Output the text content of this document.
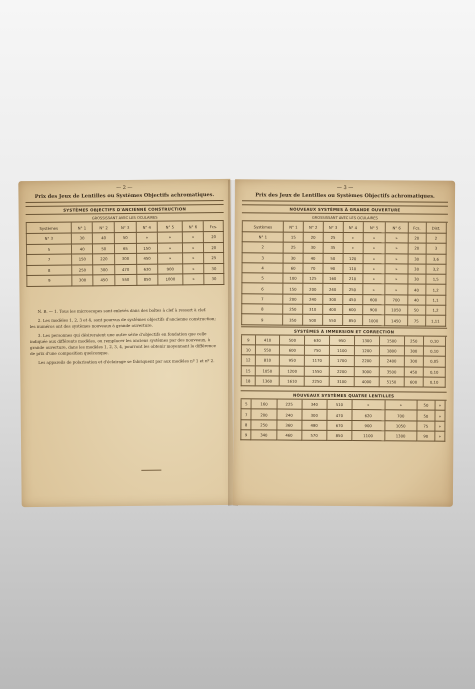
— 2 —
Prix des Jeux de Lentilles ou Systèmes Objectifs achromatiques.
SYSTÈMES OBJECTIFS D'ANCIENNE CONSTRUCTION
GROSSISSANT AVEC LES OCULAIRES
Systèmes	N° 1	N° 2	N° 3	N° 4	N° 5	N° 6	Fcs.
N° 3	30	40	50	»	»	»	20
5	40	50	65	150	»	»	20
7	150	220	300	450	»	»	25
8	250	300	470	630	900	»	30
9	300	450	550	850	1000	»	30
N. B. — 1. Tous les microscopes sont enlevés dans des boîtes à clef à ressort à clef.
2. Les modèles 1, 2, 3 et 4, sont pourvus de systèmes objectifs d'ancienne construction; les numéros ont des systèmes nouveaux à grande ouverture.
3. Les personnes qui désireraient une autre série d'objectifs en fondation que celle indiquée aux différents modèles, ou remplacer les anciens systèmes par des nouveaux, à grande ouverture, dans les modèles 1, 2, 3, 4, pourront les obtenir moyennant la différence de prix d'une composition quelconque.
Les appareils de polarisation et d'éclairage se fabriquent par aux modèles nº 1 et nº 2.
— 3 —
Prix des Jeux de Lentilles ou Systèmes Objectifs achromatiques.
NOUVEAUX SYSTÈMES À GRANDE OUVERTURE
GROSSISSANT AVEC LES OCULAIRES
Systèmes	N° 1	N° 2	N° 3	N° 4	N° 5	N° 6	Fcs.	Dist.
N° 1	15	20	25	»	»	»	20	2
2	25	30	35	»	»	»	20	3
3	30	40	50	120	»	»	30	3,6
4	60	70	90	110	»	»	30	3,2
5	100	125	160	210	»	»	30	1,5
6	150	200	240	250	»	»	40	1,2
7	200	240	300	450	600	700	40	1,1
8	250	310	400	600	900	1050	50	1,2
9	350	500	550	850	1000	1450	75	1,11
SYSTÈMES À IMMERSION ET CORRECTION
9	410	500	630	950	1300	1500	250	0,10
10	550	600	750	1100	1200	1800	300	0,10
12	810	950	1170	1700	2200	2400	300	0,05
15	1050	1200	1550	2200	3000	3500	450	0,10
18	1360	1610	2250	3100	4000	5150	600	0,10
NOUVEAUX SYSTÈMES QUATRE LENTILLES
5	160	225	340	510	»	»	50	»
7	200	240	300	470	620	700	50	»
8	250	360	480	670	900	1050	75	»
9	340	460	570	850	1100	1300	90	»
